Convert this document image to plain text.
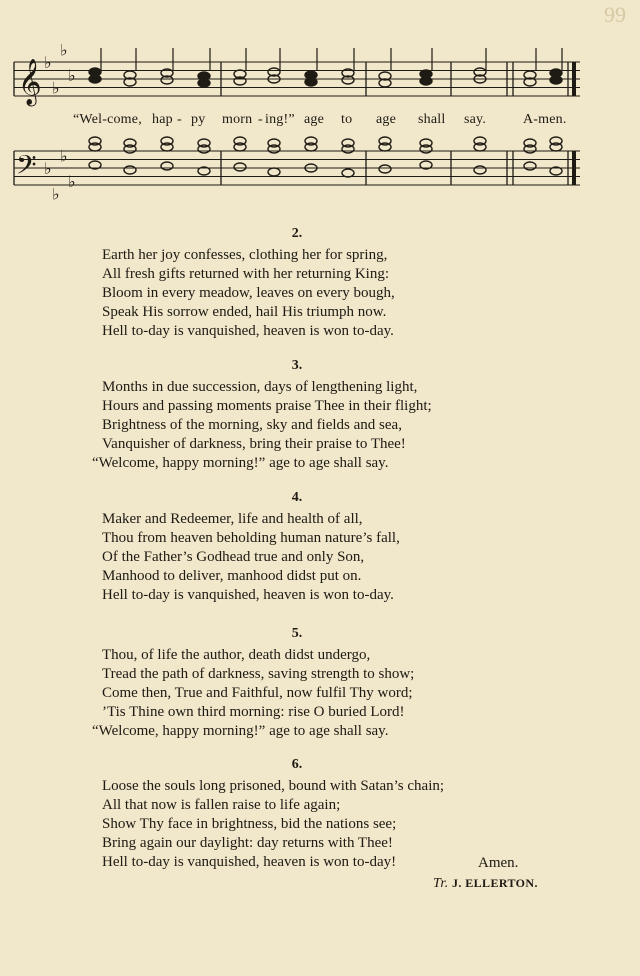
99
𝄞
𝄢
♭
♭
♭
♭
♭
♭
♭
♭
“Wel-come, hap - py morn - ing!” age to age shall say.	A-men.
2.
Earth her joy confesses, clothing her for spring,
All fresh gifts returned with her returning King:
Bloom in every meadow, leaves on every bough,
Speak His sorrow ended, hail His triumph now.
Hell to-day is vanquished, heaven is won to-day.
3.
Months in due succession, days of lengthening light,
Hours and passing moments praise Thee in their flight;
Brightness of the morning, sky and fields and sea,
Vanquisher of darkness, bring their praise to Thee!
“Welcome, happy morning!” age to age shall say.
4.
Maker and Redeemer, life and health of all,
Thou from heaven beholding human nature’s fall,
Of the Father’s Godhead true and only Son,
Manhood to deliver, manhood didst put on.
Hell to-day is vanquished, heaven is won to-day.
5.
Thou, of life the author, death didst undergo,
Tread the path of darkness, saving strength to show;
Come then, True and Faithful, now fulfil Thy word;
’Tis Thine own third morning: rise O buried Lord!
“Welcome, happy morning!” age to age shall say.
6.
Loose the souls long prisoned, bound with Satan’s chain;
All that now is fallen raise to life again;
Show Thy face in brightness, bid the nations see;
Bring again our daylight: day returns with Thee!
Hell to-day is vanquished, heaven is won to-day!	Amen.
Tr. J. ELLERTON.
